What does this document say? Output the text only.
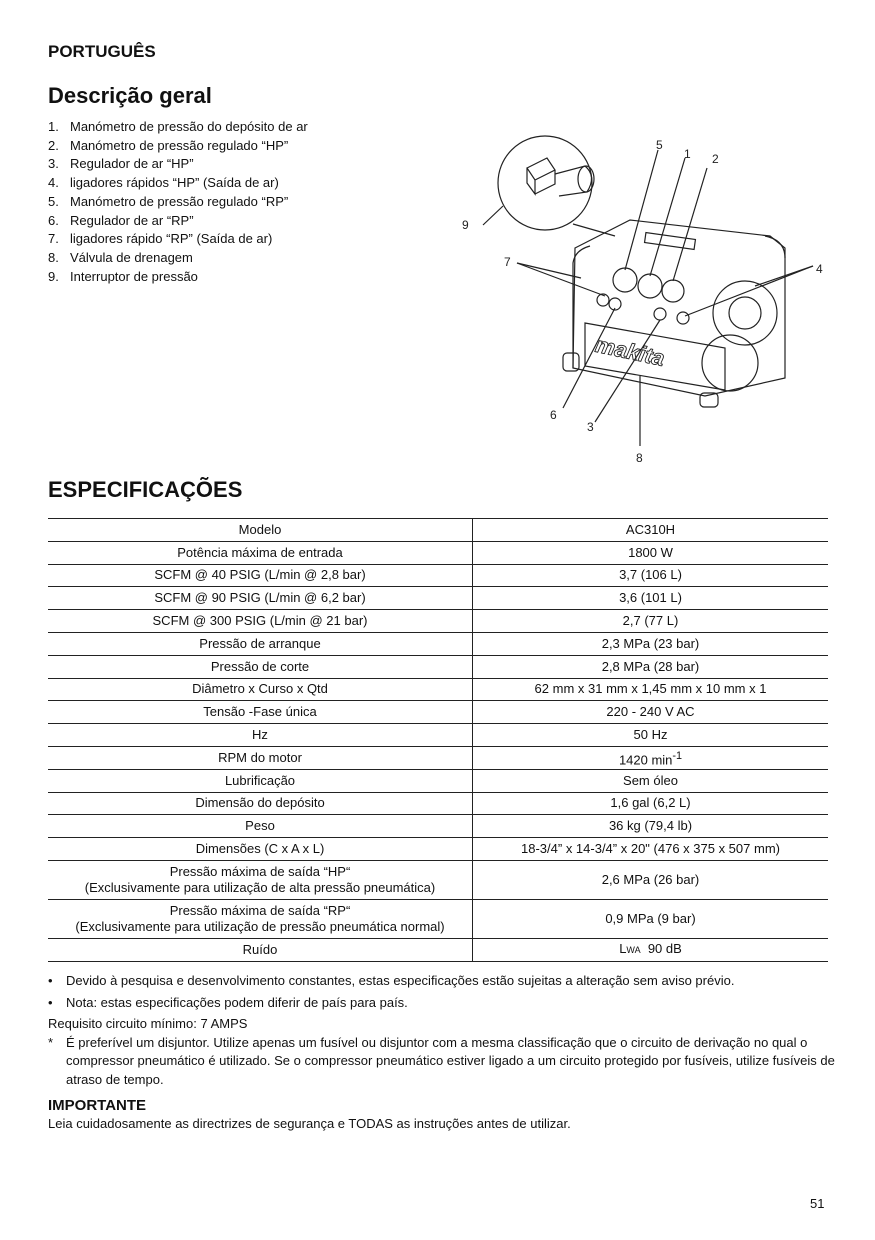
PORTUGUÊS
Descrição geral
1. Manómetro de pressão do depósito de ar
2. Manómetro de pressão regulado “HP”
3. Regulador de ar “HP”
4. ligadores rápidos “HP” (Saída de ar)
5. Manómetro de pressão regulado “RP”
6. Regulador de ar “RP”
7. ligadores rápido “RP” (Saída de ar)
8. Válvula de drenagem
9. Interruptor de pressão
makita
1 2
3
4
5
6
7
8
9
ESPECIFICAÇÕES
Modelo	AC310H
Potência máxima de entrada	1800 W
SCFM @ 40 PSIG (L/min @ 2,8 bar)	3,7 (106 L)
SCFM @ 90 PSIG (L/min @ 6,2 bar)	3,6 (101 L)
SCFM @ 300 PSIG (L/min @ 21 bar)	2,7 (77 L)
Pressão de arranque	2,3 MPa (23 bar)
Pressão de corte	2,8 MPa (28 bar)
Diâmetro x Curso x Qtd	62 mm x 31 mm x 1,45 mm x 10 mm x 1
Tensão -Fase única	220 - 240 V AC
Hz	50 Hz
RPM do motor	1420 $\min^{-1}$
Lubrificação	Sem óleo
Dimensão do depósito	1,6 gal (6,2 L)
Peso	36 kg (79,4 lb)
Dimensões (C x A x L)	18-3/4” x 14-3/4” x 20" (476 x 375 x 507 mm)

Pressão máxima de saída “HP“
(Exclusivamente para utilização de alta pressão pneumática)	2,6 MPa (26 bar)

Pressão máxima de saída “RP“
(Exclusivamente para utilização de pressão pneumática normal)	0,9 MPa (9 bar)
Ruído	LWA 90 dB
•	Devido à pesquisa e desenvolvimento constantes, estas especificações estão sujeitas a alteração sem aviso prévio.
•	Nota: estas especificações podem diferir de país para país.
Requisito circuito mínimo: 7 AMPS
* É preferível um disjuntor. Utilize apenas um fusível ou disjuntor com a mesma classificação que o circuito de derivação no qual o compressor pneumático é utilizado. Se o compressor pneumático estiver ligado a um circuito protegido por fusíveis, utilize fusíveis de atraso de tempo.
IMPORTANTE
Leia cuidadosamente as directrizes de segurança e TODAS as instruções antes de utilizar.
51
